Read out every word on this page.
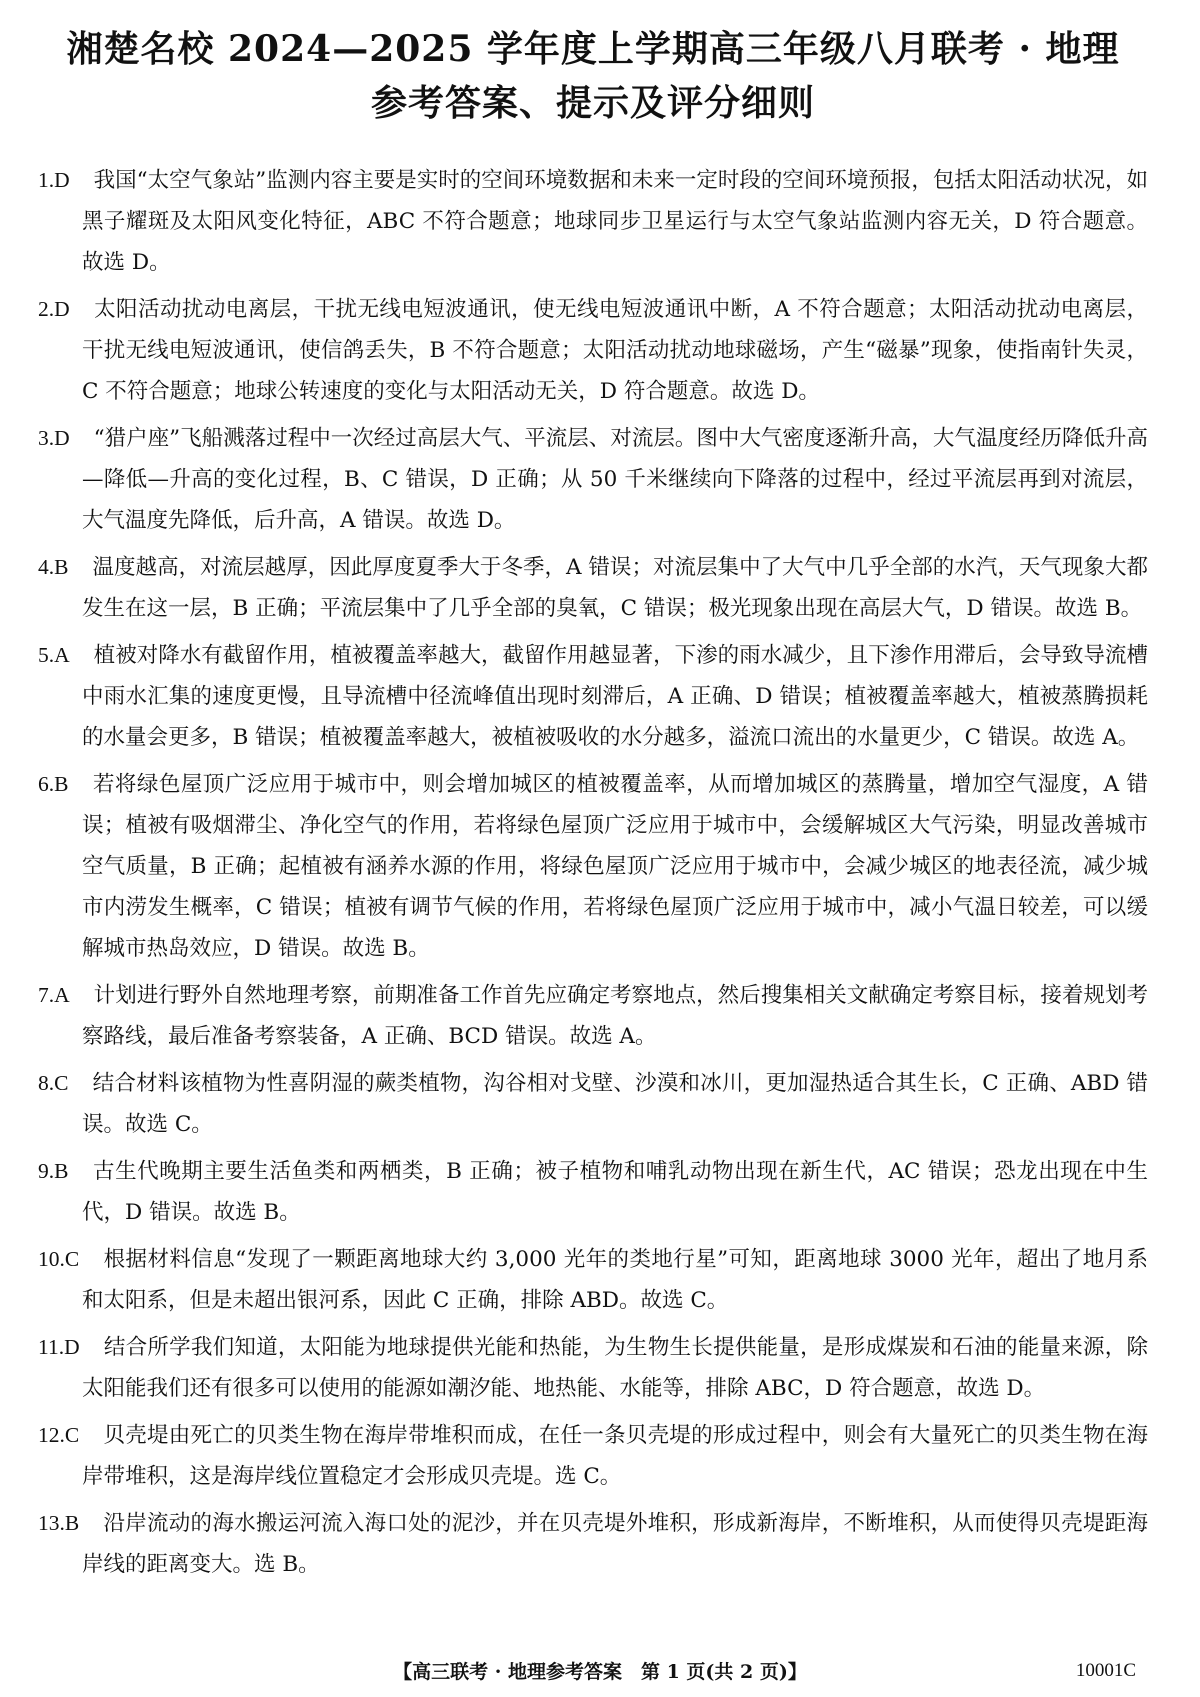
湘楚名校 2024—2025 学年度上学期高三年级八月联考 · 地理
参考答案、提示及评分细则

1.D 我国“太空气象站”监测内容主要是实时的空间环境数据和未来一定时段的空间环境预报，包括太阳活动状况，如黑子耀斑及太阳风变化特征，ABC 不符合题意；地球同步卫星运行与太空气象站监测内容无关，D 符合题意。故选 D。

2.D 太阳活动扰动电离层，干扰无线电短波通讯，使无线电短波通讯中断，A 不符合题意；太阳活动扰动电离层，干扰无线电短波通讯，使信鸽丢失，B 不符合题意；太阳活动扰动地球磁场，产生“磁暴”现象，使指南针失灵，C 不符合题意；地球公转速度的变化与太阳活动无关，D 符合题意。故选 D。

3.D “猎户座”飞船溅落过程中一次经过高层大气、平流层、对流层。图中大气密度逐渐升高，大气温度经历降低升高—降低—升高的变化过程，B、C 错误，D 正确；从 50 千米继续向下降落的过程中，经过平流层再到对流层，大气温度先降低，后升高，A 错误。故选 D。

4.B 温度越高，对流层越厚，因此厚度夏季大于冬季，A 错误；对流层集中了大气中几乎全部的水汽，天气现象大都发生在这一层，B 正确；平流层集中了几乎全部的臭氧，C 错误；极光现象出现在高层大气，D 错误。故选 B。

5.A 植被对降水有截留作用，植被覆盖率越大，截留作用越显著，下渗的雨水减少，且下渗作用滞后，会导致导流槽中雨水汇集的速度更慢，且导流槽中径流峰值出现时刻滞后，A 正确、D 错误；植被覆盖率越大，植被蒸腾损耗的水量会更多，B 错误；植被覆盖率越大，被植被吸收的水分越多，溢流口流出的水量更少，C 错误。故选 A。

6.B 若将绿色屋顶广泛应用于城市中，则会增加城区的植被覆盖率，从而增加城区的蒸腾量，增加空气湿度，A 错误；植被有吸烟滞尘、净化空气的作用，若将绿色屋顶广泛应用于城市中，会缓解城区大气污染，明显改善城市空气质量，B 正确；起植被有涵养水源的作用，将绿色屋顶广泛应用于城市中，会减少城区的地表径流，减少城市内涝发生概率，C 错误；植被有调节气候的作用，若将绿色屋顶广泛应用于城市中，减小气温日较差，可以缓解城市热岛效应，D 错误。故选 B。

7.A 计划进行野外自然地理考察，前期准备工作首先应确定考察地点，然后搜集相关文献确定考察目标，接着规划考察路线，最后准备考察装备，A 正确、BCD 错误。故选 A。

8.C 结合材料该植物为性喜阴湿的蕨类植物，沟谷相对戈壁、沙漠和冰川，更加湿热适合其生长，C 正确、ABD 错误。故选 C。

9.B 古生代晚期主要生活鱼类和两栖类，B 正确；被子植物和哺乳动物出现在新生代，AC 错误；恐龙出现在中生代，D 错误。故选 B。

10.C 根据材料信息“发现了一颗距离地球大约 3,000 光年的类地行星”可知，距离地球 3000 光年，超出了地月系和太阳系，但是未超出银河系，因此 C 正确，排除 ABD。故选 C。

11.D 结合所学我们知道，太阳能为地球提供光能和热能，为生物生长提供能量，是形成煤炭和石油的能量来源，除太阳能我们还有很多可以使用的能源如潮汐能、地热能、水能等，排除 ABC，D 符合题意，故选 D。

12.C 贝壳堤由死亡的贝类生物在海岸带堆积而成，在任一条贝壳堤的形成过程中，则会有大量死亡的贝类生物在海岸带堆积，这是海岸线位置稳定才会形成贝壳堤。选 C。

13.B 沿岸流动的海水搬运河流入海口处的泥沙，并在贝壳堤外堆积，形成新海岸，不断堆积，从而使得贝壳堤距海岸线的距离变大。选 B。

【高三联考 · 地理参考答案　第 1 页(共 2 页)】	10001C
